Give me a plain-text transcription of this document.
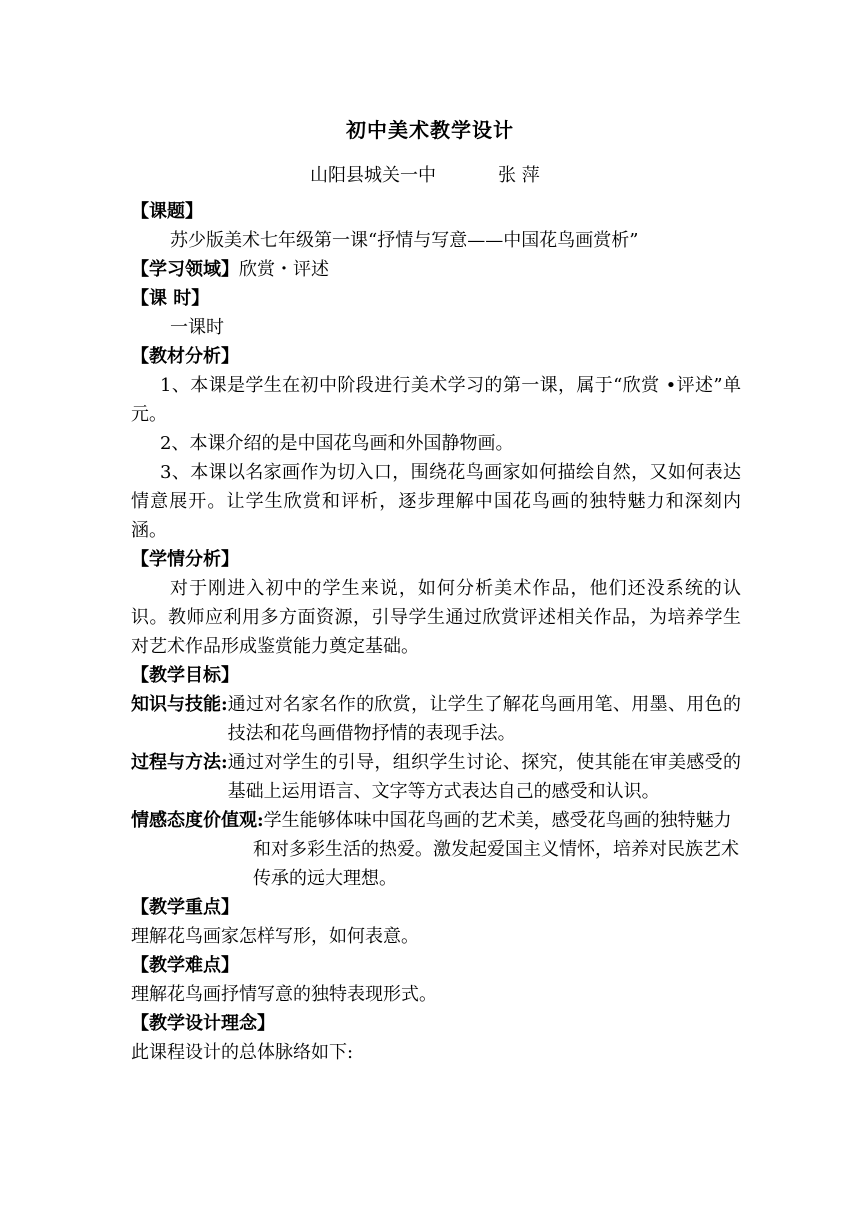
初中美术教学设计
山阳县城关一中	张 萍
【课题】
苏少版美术七年级第一课“抒情与写意——中国花鸟画赏析”
【学习领域】欣赏・评述
【课 时】
一课时
【教材分析】
1、本课是学生在初中阶段进行美术学习的第一课，属于“欣赏 •评述”单元。
2、本课介绍的是中国花鸟画和外国静物画。
3、本课以名家画作为切入口，围绕花鸟画家如何描绘自然，又如何表达情意展开。让学生欣赏和评析，逐步理解中国花鸟画的独特魅力和深刻内涵。
【学情分析】
对于刚进入初中的学生来说，如何分析美术作品，他们还没系统的认识。教师应利用多方面资源，引导学生通过欣赏评述相关作品，为培养学生对艺术作品形成鉴赏能力奠定基础。
【教学目标】
知识与技能: 通过对名家名作的欣赏，让学生了解花鸟画用笔、用墨、用色的技法和花鸟画借物抒情的表现手法。
过程与方法: 通过对学生的引导，组织学生讨论、探究，使其能在审美感受的基础上运用语言、文字等方式表达自己的感受和认识。
情感态度价值观:学生能够体味中国花鸟画的艺术美，感受花鸟画的独特魅力和对多彩生活的热爱。激发起爱国主义情怀，培养对民族艺术传承的远大理想。
【教学重点】
理解花鸟画家怎样写形，如何表意。
【教学难点】
理解花鸟画抒情写意的独特表现形式。
【教学设计理念】
此课程设计的总体脉络如下:
